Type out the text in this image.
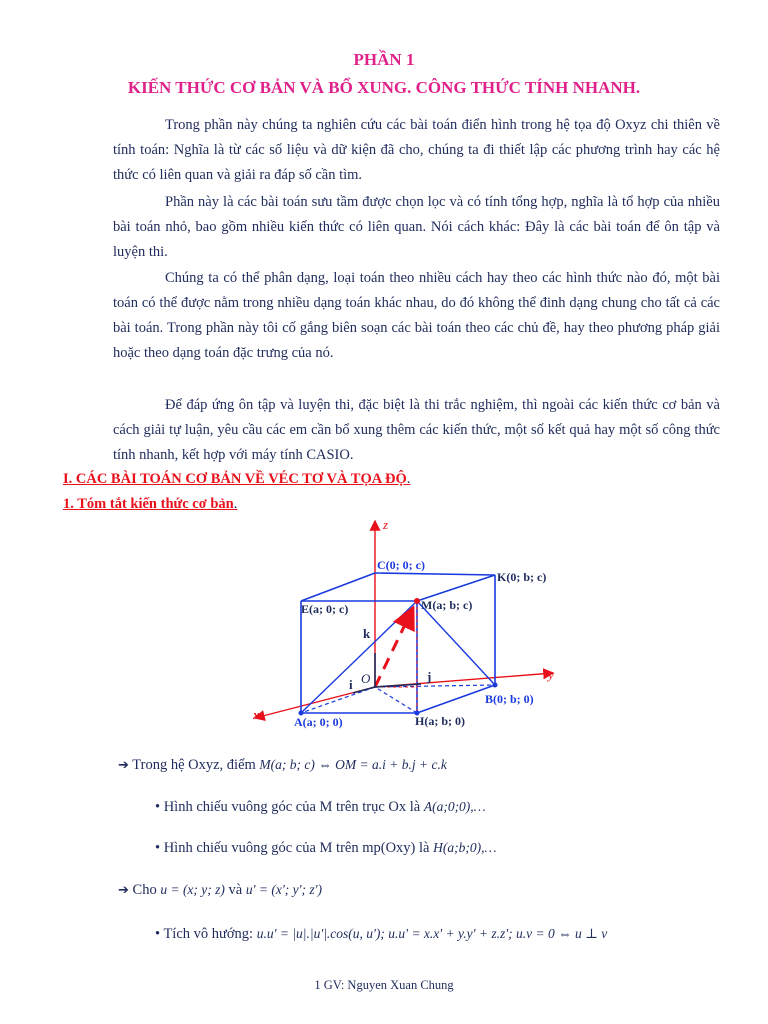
PHẦN 1
KIẾN THỨC CƠ BẢN VÀ BỔ XUNG. CÔNG THỨC TÍNH NHANH.
Trong phần này chúng ta nghiên cứu các bài toán điển hình trong hệ tọa độ Oxyz chi thiên về tính toán: Nghĩa là từ các số liệu và dữ kiện đã cho, chúng ta đi thiết lập các phương trình hay các hệ thức có liên quan và giải ra đáp số cần tìm.
Phần này là các bài toán sưu tầm được chọn lọc và có tính tổng hợp, nghĩa là tổ hợp của nhiều bài toán nhỏ, bao gồm nhiều kiến thức có liên quan. Nói cách khác: Đây là các bài toán để ôn tập và luyện thi.
Chúng ta có thể phân dạng, loại toán theo nhiều cách hay theo các hình thức nào đó, một bài toán có thể được nằm trong nhiều dạng toán khác nhau, do đó không thể đinh dạng chung cho tất cả các bài toán. Trong phần này tôi cố gắng biên soạn các bài toán theo các chủ đề, hay theo phương pháp giải hoặc theo dạng toán đặc trưng của nó.
Để đáp ứng ôn tập và luyện thi, đặc biệt là thi trắc nghiệm, thì ngoài các kiến thức cơ bản và cách giải tự luận, yêu cầu các em cần bổ xung thêm các kiến thức, một số kết quả hay một số công thức tính nhanh, kết hợp với máy tính CASIO.
I. CÁC BÀI TOÁN CƠ BẢN VỀ VÉC TƠ VÀ TỌA ĐỘ.
1. Tóm tắt kiến thức cơ bản.
z
y
x
O
C(0; 0; c)
K(0; b; c)
E(a; 0; c)	M(a; b; c)
B(0; b; 0)
A(a; 0; 0)	H(a; b; 0)
k
i
j
➔ Trong hệ Oxyz, điểm M(a; b; c) ⇔ OM = a.i + b.j + c.k
• Hình chiếu vuông góc của M trên trục Ox là A(a;0;0),…
• Hình chiếu vuông góc của M trên mp(Oxy) là H(a;b;0),…
➔ Cho u = (x; y; z) và u' = (x'; y'; z')
• Tích vô hướng: u.u' = |u|.|u'|.cos(u, u'); u.u' = x.x' + y.y' + z.z'; u.v = 0 ⇔ u ⊥ v
1 GV: Nguyen Xuan Chung
